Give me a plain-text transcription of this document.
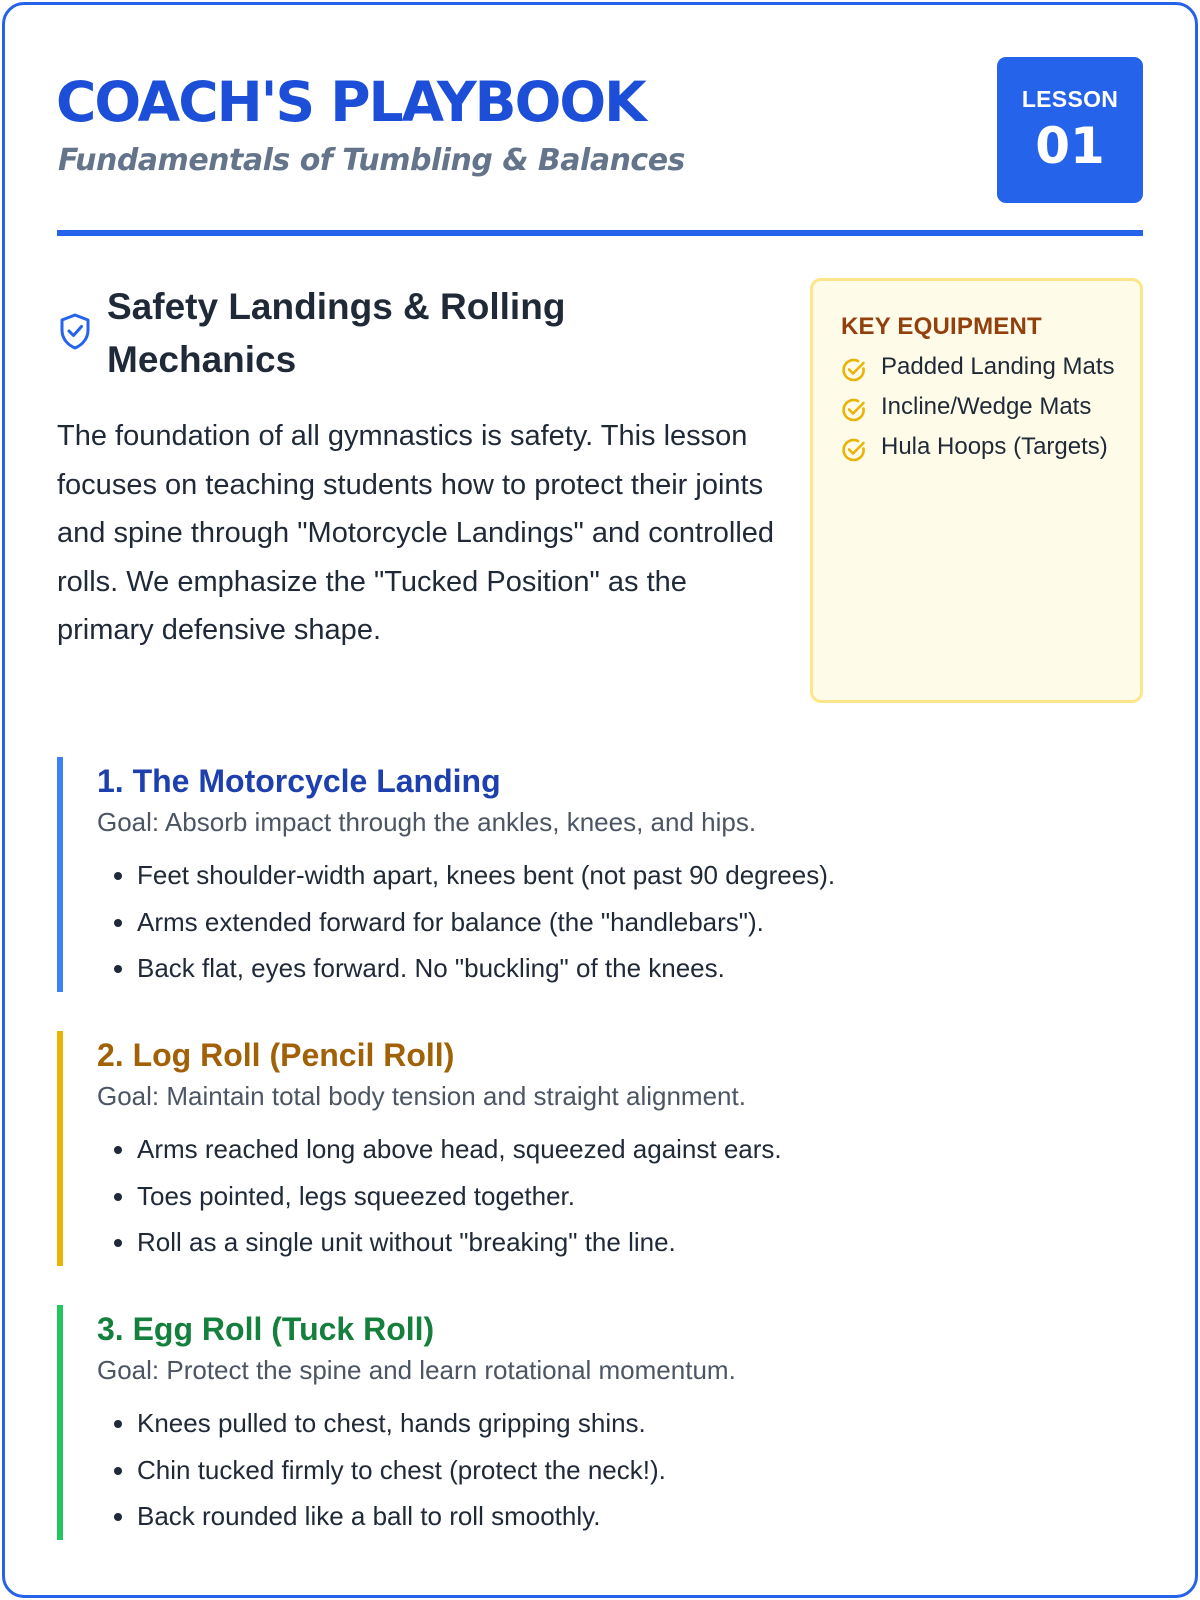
COACH'S PLAYBOOK
Fundamentals of Tumbling & Balances
LESSON
01
Safety Landings & Rolling Mechanics

The foundation of all gymnastics is safety. This lesson focuses on teaching students how to protect their joints and spine through "Motorcycle Landings" and controlled rolls. We emphasize the "Tucked Position" as the primary defensive shape.

KEY EQUIPMENT
Padded Landing Mats
Incline/Wedge Mats
Hula Hoops (Targets)
1. The Motorcycle Landing

Goal: Absorb impact through the ankles, knees, and hips.

• Feet shoulder-width apart, knees bent (not past 90 degrees).
• Arms extended forward for balance (the "handlebars").
• Back flat, eyes forward. No "buckling" of the knees.
2. Log Roll (Pencil Roll)

Goal: Maintain total body tension and straight alignment.

• Arms reached long above head, squeezed against ears.
• Toes pointed, legs squeezed together.
• Roll as a single unit without "breaking" the line.
3. Egg Roll (Tuck Roll)

Goal: Protect the spine and learn rotational momentum.

• Knees pulled to chest, hands gripping shins.
• Chin tucked firmly to chest (protect the neck!).
• Back rounded like a ball to roll smoothly.
